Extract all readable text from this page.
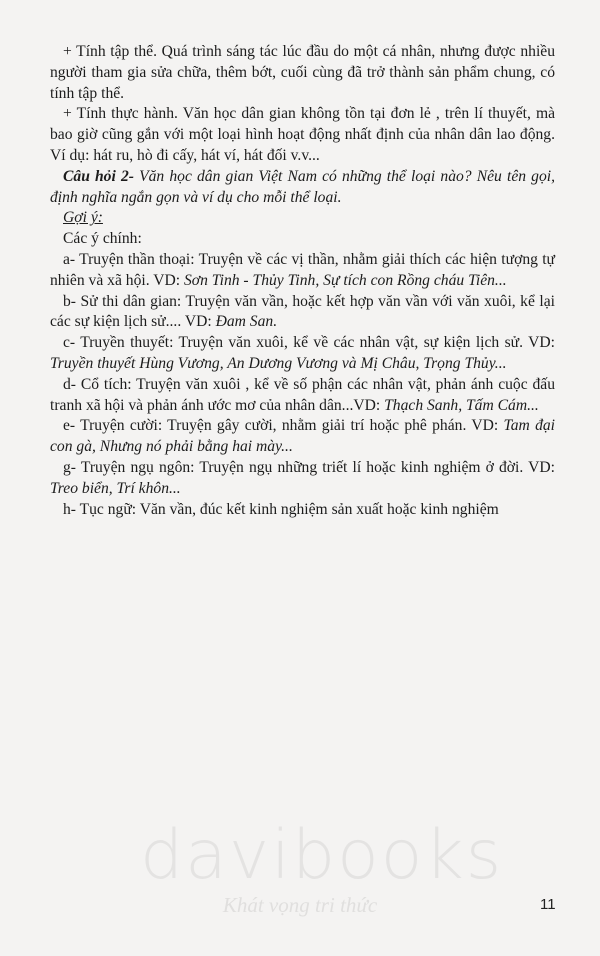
+ Tính tập thể. Quá trình sáng tác lúc đầu do một cá nhân, nhưng được nhiều người tham gia sửa chữa, thêm bớt, cuối cùng đã trở thành sản phẩm chung, có tính tập thể.

+ Tính thực hành. Văn học dân gian không tồn tại đơn lẻ , trên lí thuyết, mà bao giờ cũng gắn với một loại hình hoạt động nhất định của nhân dân lao động. Ví dụ: hát ru, hò đi cấy, hát ví, hát đối v.v...

Câu hỏi 2- Văn học dân gian Việt Nam có những thể loại nào? Nêu tên gọi, định nghĩa ngắn gọn và ví dụ cho mỗi thể loại.

Gợi ý:

Các ý chính:

a- Truyện thần thoại: Truyện về các vị thần, nhằm giải thích các hiện tượng tự nhiên và xã hội. VD: Sơn Tinh - Thủy Tinh, Sự tích con Rồng cháu Tiên...

b- Sử thi dân gian: Truyện văn vần, hoặc kết hợp văn vần với văn xuôi, kể lại các sự kiện lịch sử.... VD: Đam San.

c- Truyền thuyết: Truyện văn xuôi, kể về các nhân vật, sự kiện lịch sử. VD: Truyền thuyết Hùng Vương, An Dương Vương và Mị Châu, Trọng Thủy...

d- Cổ tích: Truyện văn xuôi , kể về số phận các nhân vật, phản ánh cuộc đấu tranh xã hội và phản ánh ước mơ của nhân dân...VD: Thạch Sanh, Tấm Cám...

e- Truyện cười: Truyện gây cười, nhằm giải trí hoặc phê phán. VD: Tam đại con gà, Nhưng nó phải bằng hai mày...

g- Truyện ngụ ngôn: Truyện ngụ những triết lí hoặc kinh nghiệm ở đời. VD: Treo biển, Trí khôn...

h- Tục ngữ: Văn vần, đúc kết kinh nghiệm sản xuất hoặc kinh nghiệm

davibooks
Khát vọng tri thức	11
